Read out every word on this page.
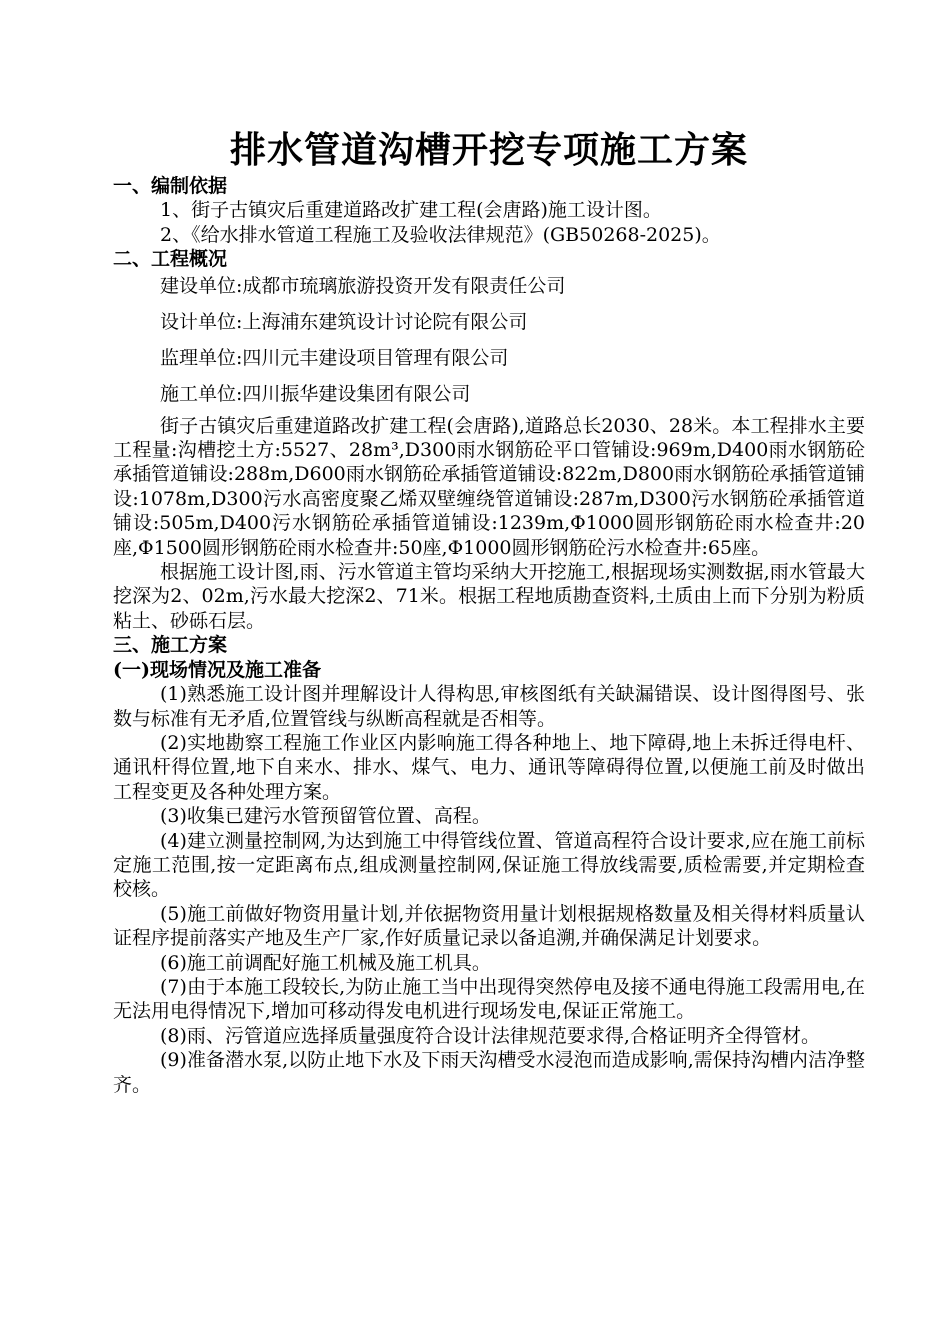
排水管道沟槽开挖专项施工方案

一、编制依据

1、街子古镇灾后重建道路改扩建工程(会唐路)施工设计图。

2、《给水排水管道工程施工及验收法律规范》(GB50268-2025)。

二、工程概况

建设单位:成都市琉璃旅游投资开发有限责任公司

设计单位:上海浦东建筑设计讨论院有限公司

监理单位:四川元丰建设项目管理有限公司

施工单位:四川振华建设集团有限公司

街子古镇灾后重建道路改扩建工程(会唐路),道路总长2030、28米。本工程排水主要工程量:沟槽挖土方:5527、28m³,D300雨水钢筋砼平口管铺设:969m,D400雨水钢筋砼承插管道铺设:288m,D600雨水钢筋砼承插管道铺设:822m,D800雨水钢筋砼承插管道铺设:1078m,D300污水高密度聚乙烯双壁缠绕管道铺设:287m,D300污水钢筋砼承插管道铺设:505m,D400污水钢筋砼承插管道铺设:1239m,Φ1000圆形钢筋砼雨水检查井:20座,Φ1500圆形钢筋砼雨水检查井:50座,Φ1000圆形钢筋砼污水检查井:65座。

根据施工设计图,雨、污水管道主管均采纳大开挖施工,根据现场实测数据,雨水管最大挖深为2、02m,污水最大挖深2、71米。根据工程地质勘查资料,土质由上而下分别为粉质粘土、砂砾石层。

三、施工方案

(一)现场情况及施工准备

(1)熟悉施工设计图并理解设计人得构思,审核图纸有关缺漏错误、设计图得图号、张数与标准有无矛盾,位置管线与纵断高程就是否相等。

(2)实地勘察工程施工作业区内影响施工得各种地上、地下障碍,地上未拆迁得电杆、通讯杆得位置,地下自来水、排水、煤气、电力、通讯等障碍得位置,以便施工前及时做出工程变更及各种处理方案。

(3)收集已建污水管预留管位置、高程。

(4)建立测量控制网,为达到施工中得管线位置、管道高程符合设计要求,应在施工前标定施工范围,按一定距离布点,组成测量控制网,保证施工得放线需要,质检需要,并定期检查校核。

(5)施工前做好物资用量计划,并依据物资用量计划根据规格数量及相关得材料质量认证程序提前落实产地及生产厂家,作好质量记录以备追溯,并确保满足计划要求。

(6)施工前调配好施工机械及施工机具。

(7)由于本施工段较长,为防止施工当中出现得突然停电及接不通电得施工段需用电,在无法用电得情况下,增加可移动得发电机进行现场发电,保证正常施工。

(8)雨、污管道应选择质量强度符合设计法律规范要求得,合格证明齐全得管材。

(9)准备潜水泵,以防止地下水及下雨天沟槽受水浸泡而造成影响,需保持沟槽内洁净整齐。
